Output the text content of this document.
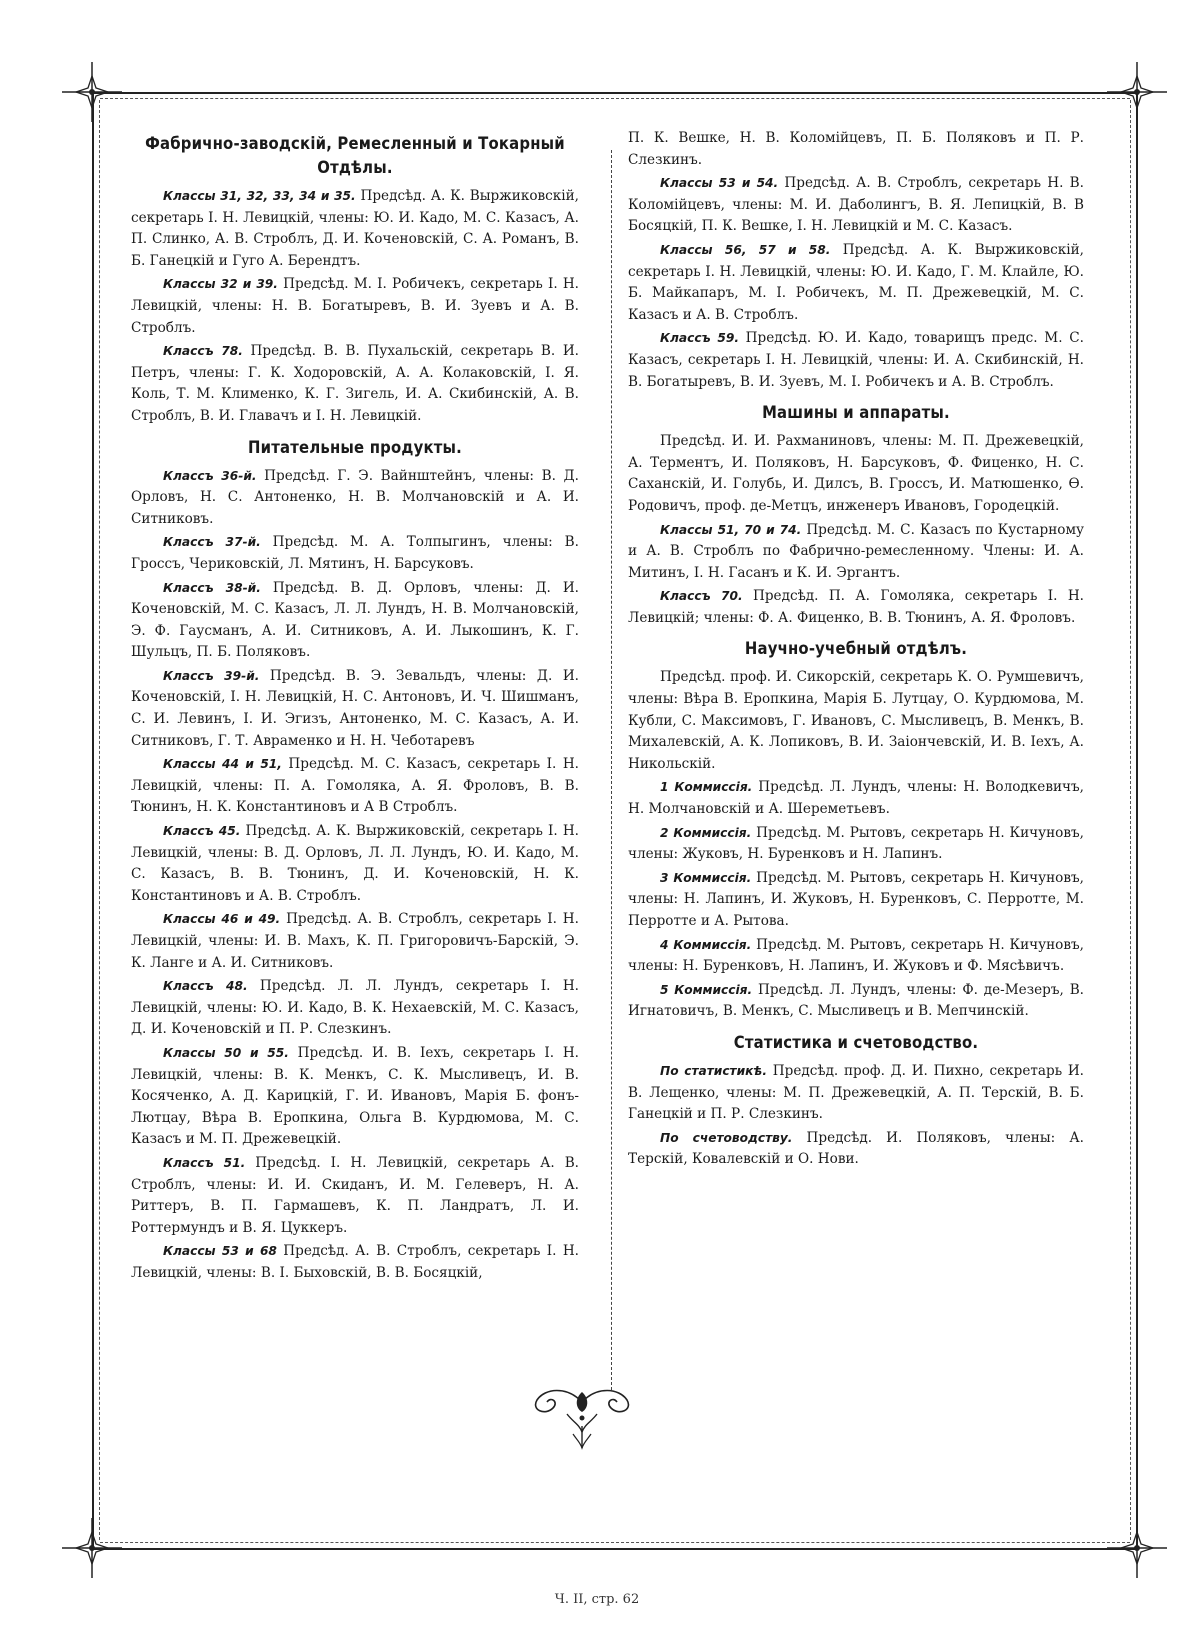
Фабрично-заводскій, Ремесленный и Токарный Отдѣлы.

Классы 31, 32, 33, 34 и 35. Предсѣд. А. К. Выржиковскій, секретарь І. Н. Левицкій, члены: Ю. И. Кадо, М. С. Казасъ, А. П. Слинко, А. В. Строблъ, Д. И. Коченовскій, С. А. Романъ, В. Б. Ганецкій и Гуго А. Берендтъ.

Классы 32 и 39. Предсѣд. М. І. Робичекъ, секретарь І. Н. Левицкій, члены: Н. В. Богатыревъ, В. И. Зуевъ и А. В. Строблъ.

Классъ 78. Предсѣд. В. В. Пухальскій, секретарь В. И. Петръ, члены: Г. К. Ходоровскій, А. А. Колаковскій, І. Я. Коль, Т. М. Клименко, К. Г. Зигель, И. А. Скибинскій, А. В. Строблъ, В. И. Главачъ и І. Н. Левицкій.

Питательные продукты.

Классъ 36-й. Предсѣд. Г. Э. Вайнштейнъ, члены: В. Д. Орловъ, Н. С. Антоненко, Н. В. Молчановскій и А. И. Ситниковъ.

Классъ 37-й. Предсѣд. М. А. Толпыгинъ, члены: В. Гроссъ, Чериковскій, Л. Мятинъ, Н. Барсуковъ.

Классъ 38-й. Предсѣд. В. Д. Орловъ, члены: Д. И. Коченовскій, М. С. Казасъ, Л. Л. Лундъ, Н. В. Молчановскій, Э. Ф. Гаусманъ, А. И. Ситниковъ, А. И. Лыкошинъ, К. Г. Шульцъ, П. Б. Поляковъ.

Классъ 39-й. Предсѣд. В. Э. Зевальдъ, члены: Д. И. Коченовскій, І. Н. Левицкій, Н. С. Антоновъ, И. Ч. Шишманъ, С. И. Левинъ, І. И. Эгизъ, Антоненко, М. С. Казасъ, А. И. Ситниковъ, Г. Т. Авраменко и Н. Н. Чеботаревъ

Классы 44 и 51, Предсѣд. М. С. Казасъ, секретарь І. Н. Левицкій, члены: П. А. Гомоляка, А. Я. Фроловъ, В. В. Тюнинъ, Н. К. Константиновъ и А В Строблъ.

Классъ 45. Предсѣд. А. К. Выржиковскій, секретарь І. Н. Левицкій, члены: В. Д. Орловъ, Л. Л. Лундъ, Ю. И. Кадо, М. С. Казасъ, В. В. Тюнинъ, Д. И. Коченовскій, Н. К. Константиновъ и А. В. Строблъ.

Классы 46 и 49. Предсѣд. А. В. Строблъ, секретарь І. Н. Левицкій, члены: И. В. Махъ, К. П. Григоровичъ-Барскій, Э. К. Ланге и А. И. Ситниковъ.

Классъ 48. Предсѣд. Л. Л. Лундъ, секретарь І. Н. Левицкій, члены: Ю. И. Кадо, В. К. Нехаевскій, М. С. Казасъ, Д. И. Коченовскій и П. Р. Слезкинъ.

Классы 50 и 55. Предсѣд. И. В. Іехъ, секретарь І. Н. Левицкій, члены: В. К. Менкъ, С. К. Мысливецъ, И. В. Косяченко, А. Д. Карицкій, Г. И. Ивановъ, Марія Б. фонъ-Лютцау, Вѣра В. Еропкина, Ольга В. Курдюмова, М. С. Казасъ и М. П. Дрежевецкій.

Классъ 51. Предсѣд. І. Н. Левицкій, секретарь А. В. Строблъ, члены: И. И. Скиданъ, И. М. Гелеверъ, Н. А. Риттеръ, В. П. Гармашевъ, К. П. Ландратъ, Л. И. Роттермундъ и В. Я. Цуккеръ.

Классы 53 и 68 Предсѣд. А. В. Строблъ, секретарь І. Н. Левицкій, члены: В. І. Быховскій, В. В. Босяцкій,

П. К. Вешке, Н. В. Коломійцевъ, П. Б. Поляковъ и П. Р. Слезкинъ.

Классы 53 и 54. Предсѣд. А. В. Строблъ, секретарь Н. В. Коломійцевъ, члены: М. И. Даболингъ, В. Я. Лепицкій, В. В Босяцкій, П. К. Вешке, І. Н. Левицкій и М. С. Казасъ.

Классы 56, 57 и 58. Предсѣд. А. К. Выржиковскій, секретарь І. Н. Левицкій, члены: Ю. И. Кадо, Г. М. Клайле, Ю. Б. Майкапаръ, М. І. Робичекъ, М. П. Дрежевецкій, М. С. Казасъ и А. В. Строблъ.

Классъ 59. Предсѣд. Ю. И. Кадо, товарищъ предс. М. С. Казасъ, секретарь І. Н. Левицкій, члены: И. А. Скибинскій, Н. В. Богатыревъ, В. И. Зуевъ, М. І. Робичекъ и А. В. Строблъ.

Машины и аппараты.

Предсѣд. И. И. Рахманиновъ, члены: М. П. Дрежевецкій, А. Терментъ, И. Поляковъ, Н. Барсуковъ, Ф. Фиценко, Н. С. Саханскій, И. Голубь, И. Дилсъ, В. Гроссъ, И. Матюшенко, Ѳ. Родовичъ, проф. де-Метцъ, инженеръ Ивановъ, Городецкій.

Классы 51, 70 и 74. Предсѣд. М. С. Казасъ по Кустарному и А. В. Строблъ по Фабрично-ремесленному. Члены: И. А. Митинъ, І. Н. Гасанъ и К. И. Эргантъ.

Классъ 70. Предсѣд. П. А. Гомоляка, секретарь І. Н. Левицкій; члены: Ф. А. Фиценко, В. В. Тюнинъ, А. Я. Фроловъ.

Научно-учебный отдѣлъ.

Предсѣд. проф. И. Сикорскій, секретарь К. О. Румшевичъ, члены: Вѣра В. Еропкина, Марія Б. Лутцау, О. Курдюмова, М. Кубли, С. Максимовъ, Г. Ивановъ, С. Мысливецъ, В. Менкъ, В. Михалевскій, А. К. Лопиковъ, В. И. Заіончевскій, И. В. Іехъ, А. Никольскій.

1 Коммиссія. Предсѣд. Л. Лундъ, члены: Н. Володкевичъ, Н. Молчановскій и А. Шереметьевъ.

2 Коммиссія. Предсѣд. М. Рытовъ, секретарь Н. Кичуновъ, члены: Жуковъ, Н. Буренковъ и Н. Лапинъ.

3 Коммиссія. Предсѣд. М. Рытовъ, секретарь Н. Кичуновъ, члены: Н. Лапинъ, И. Жуковъ, Н. Буренковъ, С. Перротте, М. Перротте и А. Рытова.

4 Коммиссія. Предсѣд. М. Рытовъ, секретарь Н. Кичуновъ, члены: Н. Буренковъ, Н. Лапинъ, И. Жуковъ и Ф. Мясѣвичъ.

5 Коммиссія. Предсѣд. Л. Лундъ, члены: Ф. де-Мезеръ, В. Игнатовичъ, В. Менкъ, С. Мысливецъ и В. Мепчинскій.

Статистика и счетоводство.

По статистикѣ. Предсѣд. проф. Д. И. Пихно, секретарь И. В. Лещенко, члены: М. П. Дрежевецкій, А. П. Терскій, В. Б. Ганецкій и П. Р. Слезкинъ.

По счетоводству. Предсѣд. И. Поляковъ, члены: А. Терскій, Ковалевскій и О. Нови.

Ч. II, стр. 62
